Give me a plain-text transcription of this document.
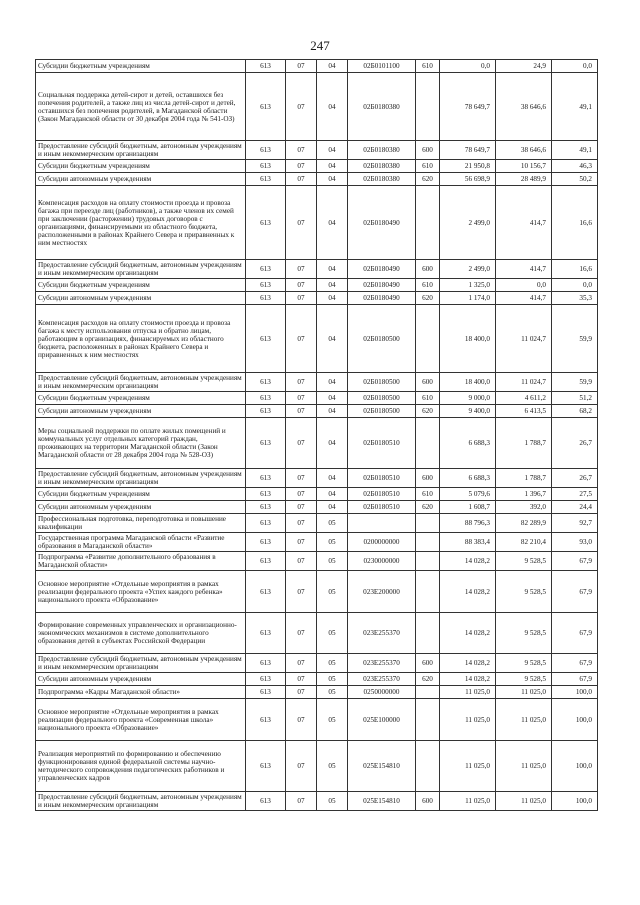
247
Субсидии бюджетным учреждениям	613	07	04	02Б0101100	610	0,0	24,9	0,0
Социальная поддержка детей-сирот и детей, оставшихся без попечения родителей, а также лиц из числа детей-сирот и детей, оставшихся без попечения родителей, в Магаданской области (Закон Магаданской области от 30 декабря 2004 года № 541-ОЗ)	613	07	04	02Б0180380		78 649,7	38 646,6	49,1
Предоставление субсидий бюджетным, автономным учреждениям и иным некоммерческим организациям	613	07	04	02Б0180380	600	78 649,7	38 646,6	49,1
Субсидии бюджетным учреждениям	613	07	04	02Б0180380	610	21 950,8	10 156,7	46,3
Субсидии автономным учреждениям	613	07	04	02Б0180380	620	56 698,9	28 489,9	50,2
Компенсация расходов на оплату стоимости проезда и провоза багажа при переезде лиц (работников), а также членов их семей при заключении (расторжении) трудовых договоров с организациями, финансируемыми из областного бюджета, расположенными в районах Крайнего Севера и приравненных к ним местностях	613	07	04	02Б0180490		2 499,0	414,7	16,6
Предоставление субсидий бюджетным, автономным учреждениям и иным некоммерческим организациям	613	07	04	02Б0180490	600	2 499,0	414,7	16,6
Субсидии бюджетным учреждениям	613	07	04	02Б0180490	610	1 325,0	0,0	0,0
Субсидии автономным учреждениям	613	07	04	02Б0180490	620	1 174,0	414,7	35,3
Компенсация расходов на оплату стоимости проезда и провоза багажа к месту использования отпуска и обратно лицам, работающим в организациях, финансируемых из областного бюджета, расположенных в районах Крайнего Севера и приравненных к ним местностях	613	07	04	02Б0180500		18 400,0	11 024,7	59,9
Предоставление субсидий бюджетным, автономным учреждениям и иным некоммерческим организациям	613	07	04	02Б0180500	600	18 400,0	11 024,7	59,9
Субсидии бюджетным учреждениям	613	07	04	02Б0180500	610	9 000,0	4 611,2	51,2
Субсидии автономным учреждениям	613	07	04	02Б0180500	620	9 400,0	6 413,5	68,2
Меры социальной поддержки по оплате жилых помещений и коммунальных услуг отдельных категорий граждан, проживающих на территории Магаданской области (Закон Магаданской области от 28 декабря 2004 года № 528-ОЗ)	613	07	04	02Б0180510		6 688,3	1 788,7	26,7
Предоставление субсидий бюджетным, автономным учреждениям и иным некоммерческим организациям	613	07	04	02Б0180510	600	6 688,3	1 788,7	26,7
Субсидии бюджетным учреждениям	613	07	04	02Б0180510	610	5 079,6	1 396,7	27,5
Субсидии автономным учреждениям	613	07	04	02Б0180510	620	1 608,7	392,0	24,4
Профессиональная подготовка, переподготовка и повышение квалификации	613	07	05			88 796,3	82 289,9	92,7
Государственная программа Магаданской области «Развитие образования в Магаданской области»	613	07	05	0200000000		88 383,4	82 210,4	93,0
Подпрограмма «Развитие дополнительного образования в Магаданской области»	613	07	05	0230000000		14 028,2	9 528,5	67,9
Основное мероприятие «Отдельные мероприятия в рамках реализации федерального проекта «Успех каждого ребенка» национального проекта «Образование»	613	07	05	023E200000		14 028,2	9 528,5	67,9
Формирование современных управленческих и организационно-экономических механизмов в системе дополнительного образования детей в субъектах Российской Федерации	613	07	05	023E255370		14 028,2	9 528,5	67,9
Предоставление субсидий бюджетным, автономным учреждениям и иным некоммерческим организациям	613	07	05	023E255370	600	14 028,2	9 528,5	67,9
Субсидии автономным учреждениям	613	07	05	023E255370	620	14 028,2	9 528,5	67,9
Подпрограмма «Кадры Магаданской области»	613	07	05	0250000000		11 025,0	11 025,0	100,0
Основное мероприятие «Отдельные мероприятия в рамках реализации федерального проекта «Современная школа» национального проекта «Образование»	613	07	05	025E100000		11 025,0	11 025,0	100,0
Реализация мероприятий по формированию и обеспечению функционирования единой федеральной системы научно-методического сопровождения педагогических работников и управленческих кадров	613	07	05	025E154810		11 025,0	11 025,0	100,0
Предоставление субсидий бюджетным, автономным учреждениям и иным некоммерческим организациям	613	07	05	025E154810	600	11 025,0	11 025,0	100,0
